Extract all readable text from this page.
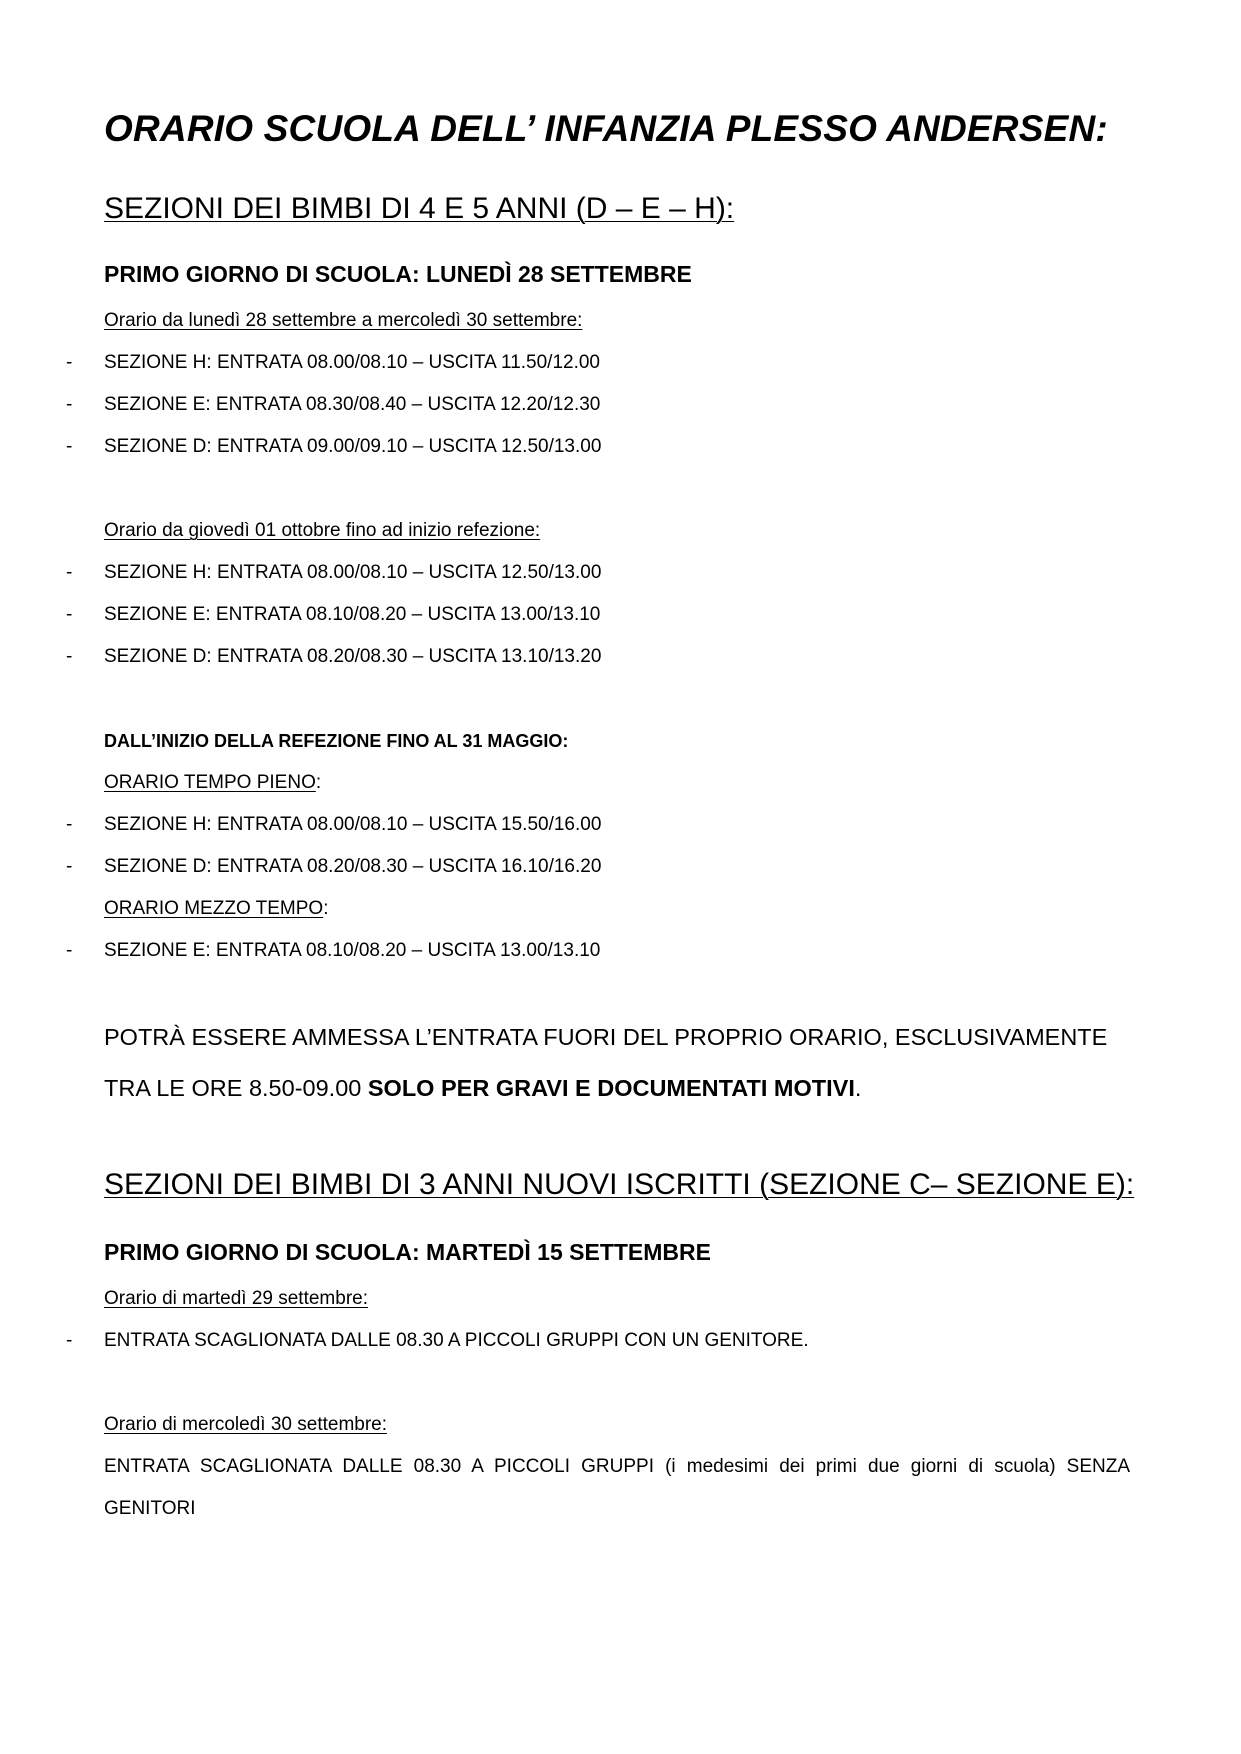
ORARIO SCUOLA DELL’ INFANZIA PLESSO ANDERSEN:
SEZIONI DEI BIMBI DI 4 E 5 ANNI (D – E – H):
PRIMO GIORNO DI SCUOLA: LUNEDÌ 28 SETTEMBRE
Orario da lunedì 28 settembre a mercoledì 30 settembre:
- SEZIONE H: ENTRATA 08.00/08.10 – USCITA 11.50/12.00
- SEZIONE E: ENTRATA 08.30/08.40 – USCITA 12.20/12.30
- SEZIONE D: ENTRATA 09.00/09.10 – USCITA 12.50/13.00
Orario da giovedì 01 ottobre fino ad inizio refezione:
- SEZIONE H: ENTRATA 08.00/08.10 – USCITA 12.50/13.00
- SEZIONE E: ENTRATA 08.10/08.20 – USCITA 13.00/13.10
- SEZIONE D: ENTRATA 08.20/08.30 – USCITA 13.10/13.20
DALL’INIZIO DELLA REFEZIONE FINO AL 31 MAGGIO:
ORARIO TEMPO PIENO:
- SEZIONE H: ENTRATA 08.00/08.10 – USCITA 15.50/16.00
- SEZIONE D: ENTRATA 08.20/08.30 – USCITA 16.10/16.20
ORARIO MEZZO TEMPO:
- SEZIONE E: ENTRATA 08.10/08.20 – USCITA 13.00/13.10
POTRÀ ESSERE AMMESSA L’ENTRATA FUORI DEL PROPRIO ORARIO, ESCLUSIVAMENTE
TRA LE ORE 8.50-09.00 SOLO PER GRAVI E DOCUMENTATI MOTIVI.
SEZIONI DEI BIMBI DI 3 ANNI NUOVI ISCRITTI (SEZIONE C– SEZIONE E):
PRIMO GIORNO DI SCUOLA: MARTEDÌ 15 SETTEMBRE
Orario di martedì 29 settembre:
- ENTRATA SCAGLIONATA DALLE 08.30 A PICCOLI GRUPPI CON UN GENITORE.
Orario di mercoledì 30 settembre:
ENTRATA SCAGLIONATA DALLE 08.30 A PICCOLI GRUPPI (i medesimi dei primi due giorni di scuola) SENZA
GENITORI
